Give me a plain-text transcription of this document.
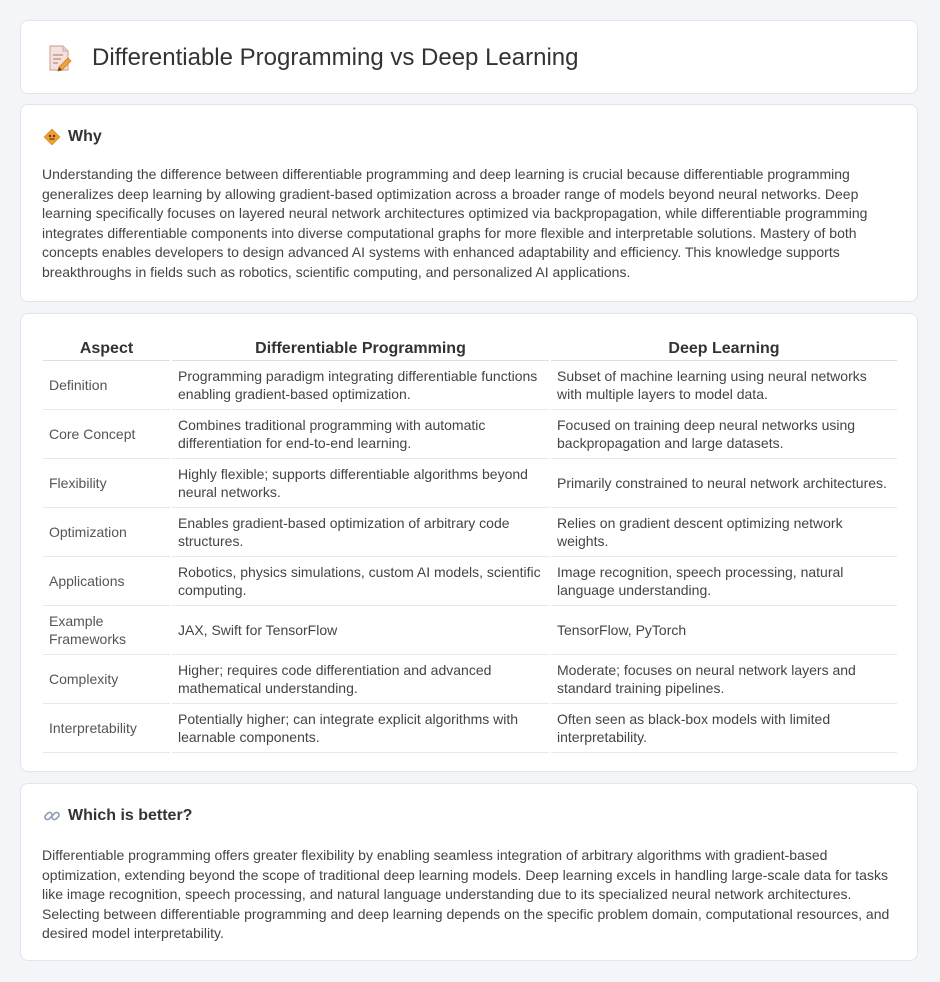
Differentiable Programming vs Deep Learning
Why

Understanding the difference between differentiable programming and deep learning is crucial because differentiable programming generalizes deep learning by allowing gradient-based optimization across a broader range of models beyond neural networks. Deep learning specifically focuses on layered neural network architectures optimized via backpropagation, while differentiable programming integrates differentiable components into diverse computational graphs for more flexible and interpretable solutions. Mastery of both concepts enables developers to design advanced AI systems with enhanced adaptability and efficiency. This knowledge supports breakthroughs in fields such as robotics, scientific computing, and personalized AI applications.

Aspect	Differentiable Programming	Deep Learning
Definition	Programming paradigm integrating differentiable functions enabling gradient-based optimization.	Subset of machine learning using neural networks with multiple layers to model data.
Core Concept	Combines traditional programming with automatic differentiation for end-to-end learning.	Focused on training deep neural networks using backpropagation and large datasets.
Flexibility	Highly flexible; supports differentiable algorithms beyond neural networks.	Primarily constrained to neural network architectures.
Optimization	Enables gradient-based optimization of arbitrary code structures.	Relies on gradient descent optimizing network weights.
Applications	Robotics, physics simulations, custom AI models, scientific computing.	Image recognition, speech processing, natural language understanding.
Example Frameworks	JAX, Swift for TensorFlow	TensorFlow, PyTorch
Complexity	Higher; requires code differentiation and advanced mathematical understanding.	Moderate; focuses on neural network layers and standard training pipelines.
Interpretability	Potentially higher; can integrate explicit algorithms with learnable components.	Often seen as black-box models with limited interpretability.
Which is better?

Differentiable programming offers greater flexibility by enabling seamless integration of arbitrary algorithms with gradient-based optimization, extending beyond the scope of traditional deep learning models. Deep learning excels in handling large-scale data for tasks like image recognition, speech processing, and natural language understanding due to its specialized neural network architectures. Selecting between differentiable programming and deep learning depends on the specific problem domain, computational resources, and desired model interpretability.
